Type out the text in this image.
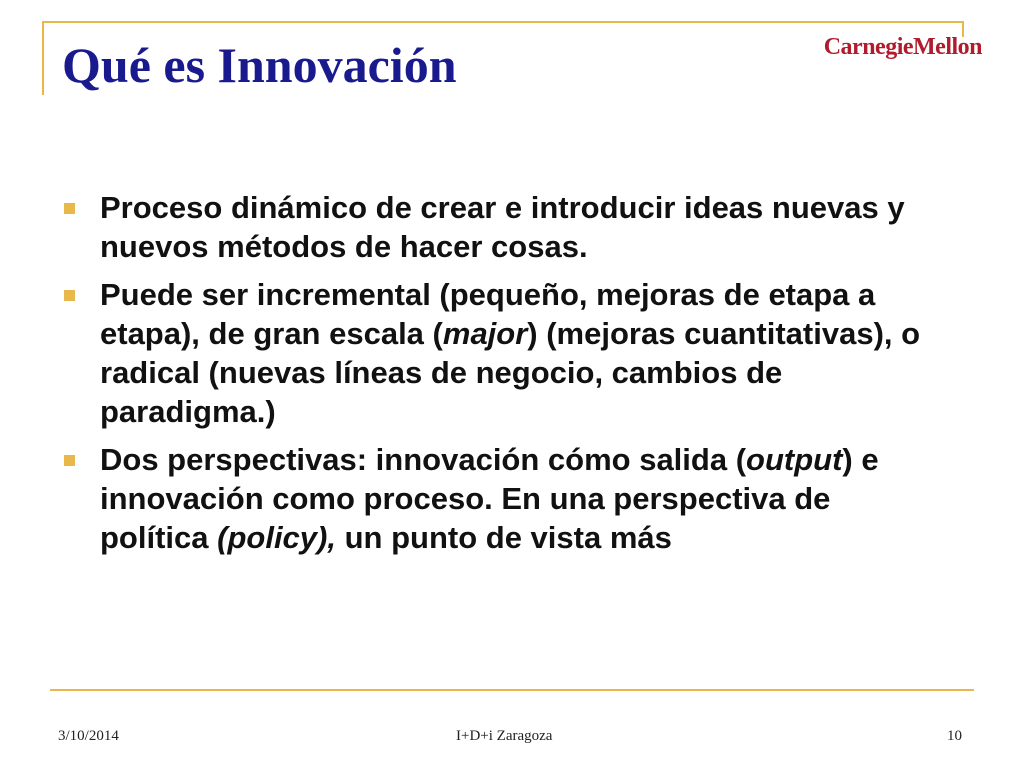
Qué es Innovación	CarnegieMellon
Proceso dinámico de crear e introducir ideas nuevas y nuevos métodos de hacer cosas.
Puede ser incremental (pequeño, mejoras de etapa a etapa), de gran escala (major) (mejoras cuantitativas), o radical (nuevas líneas de negocio, cambios de paradigma.)
Dos perspectivas: innovación cómo salida (output) e innovación como proceso. En una perspectiva de política (policy), un punto de vista más
3/10/2014	I+D+i Zaragoza	10
